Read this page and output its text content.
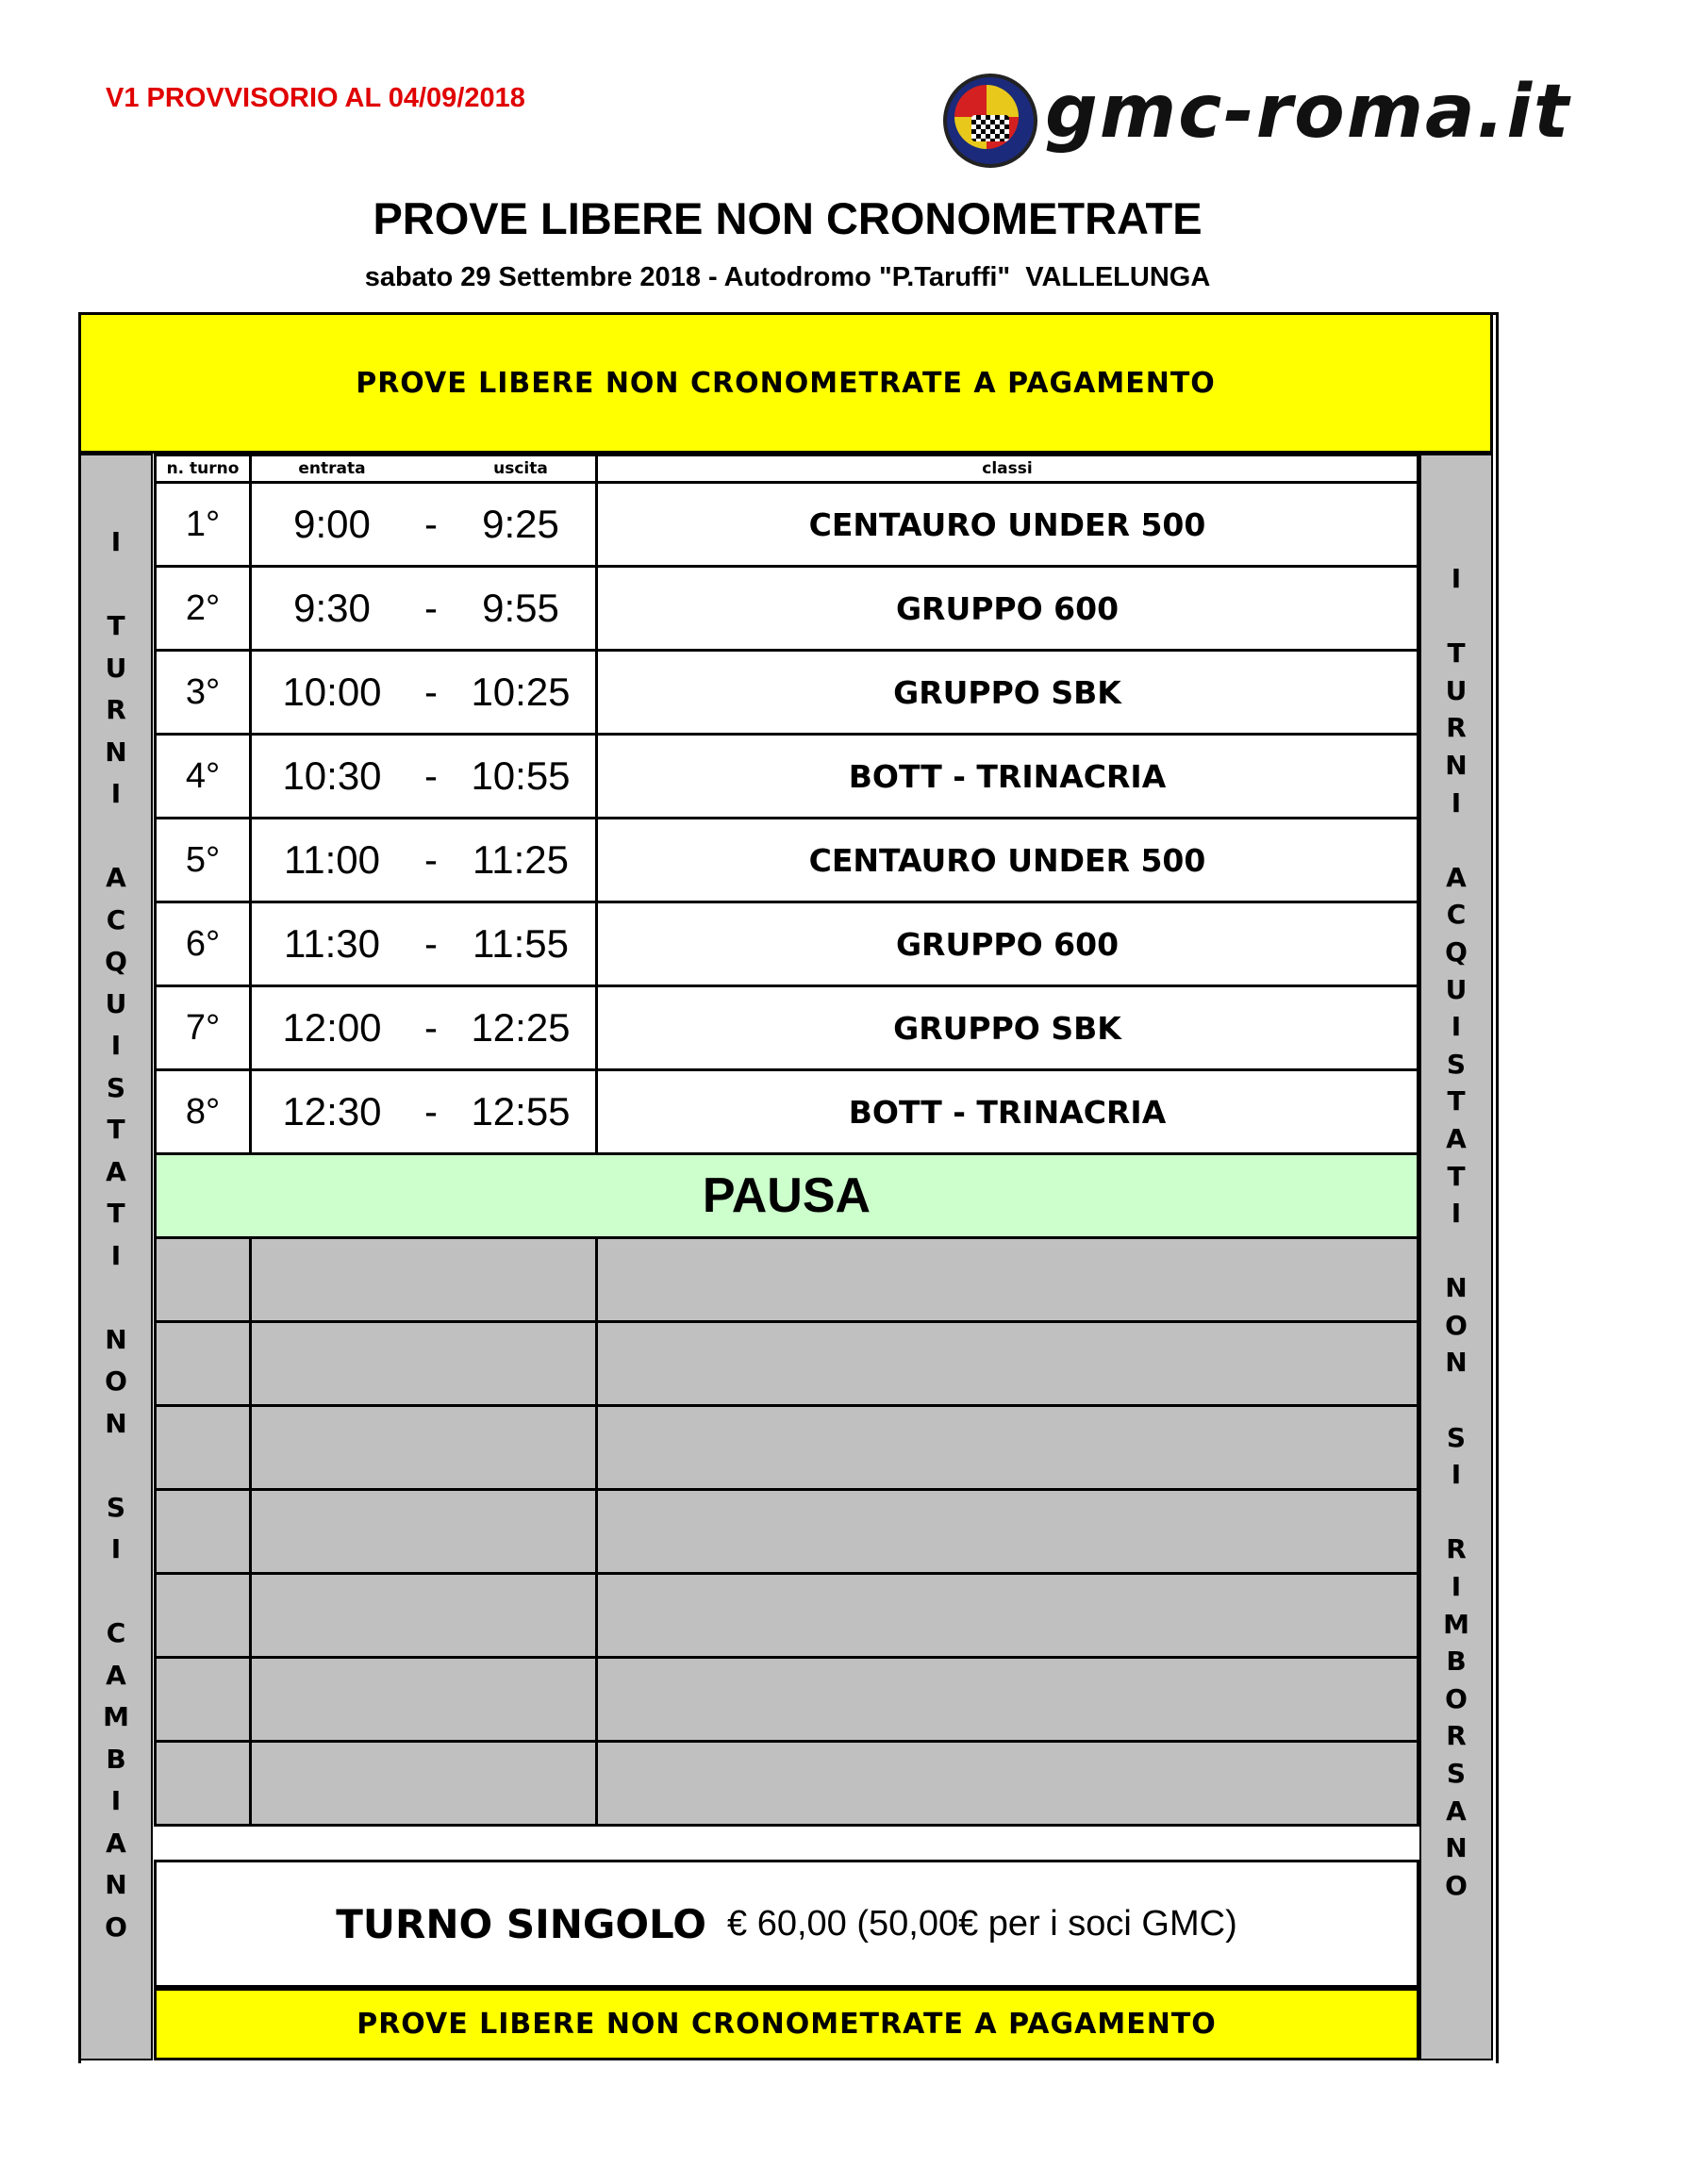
V1 PROVVISORIO AL 04/09/2018	gmc-roma.it
PROVE LIBERE NON CRONOMETRATE
sabato 29 Settembre 2018 - Autodromo "P.Taruffi"  VALLELUNGA
PROVE LIBERE NON CRONOMETRATE A PAGAMENTO
I
T
U
R
N
I
A
C
Q
U
I
S
T
A
T
I
N
O
N
S
I
C
A
M
B
I
A
N
O
I
T
U
R
N
I
A
C
Q
U
I
S
T
A
T
I
N
O
N
S
I
R
I
M
B
O
R
S
A
N
O
n. turno	entrata uscita	classi
1°	9:00 - 9:25	CENTAURO UNDER 500
2°	9:30 - 9:55	GRUPPO 600
3°	10:00 - 10:25	GRUPPO SBK
4°	10:30 - 10:55	BOTT - TRINACRIA
5°	11:00 - 11:25	CENTAURO UNDER 500
6°	11:30 - 11:55	GRUPPO 600
7°	12:00 - 12:25	GRUPPO SBK
8°	12:30 - 12:55	BOTT - TRINACRIA
PAUSA		

TURNO SINGOLO € 60,00 (50,00€ per i soci GMC)
PROVE LIBERE NON CRONOMETRATE A PAGAMENTO
